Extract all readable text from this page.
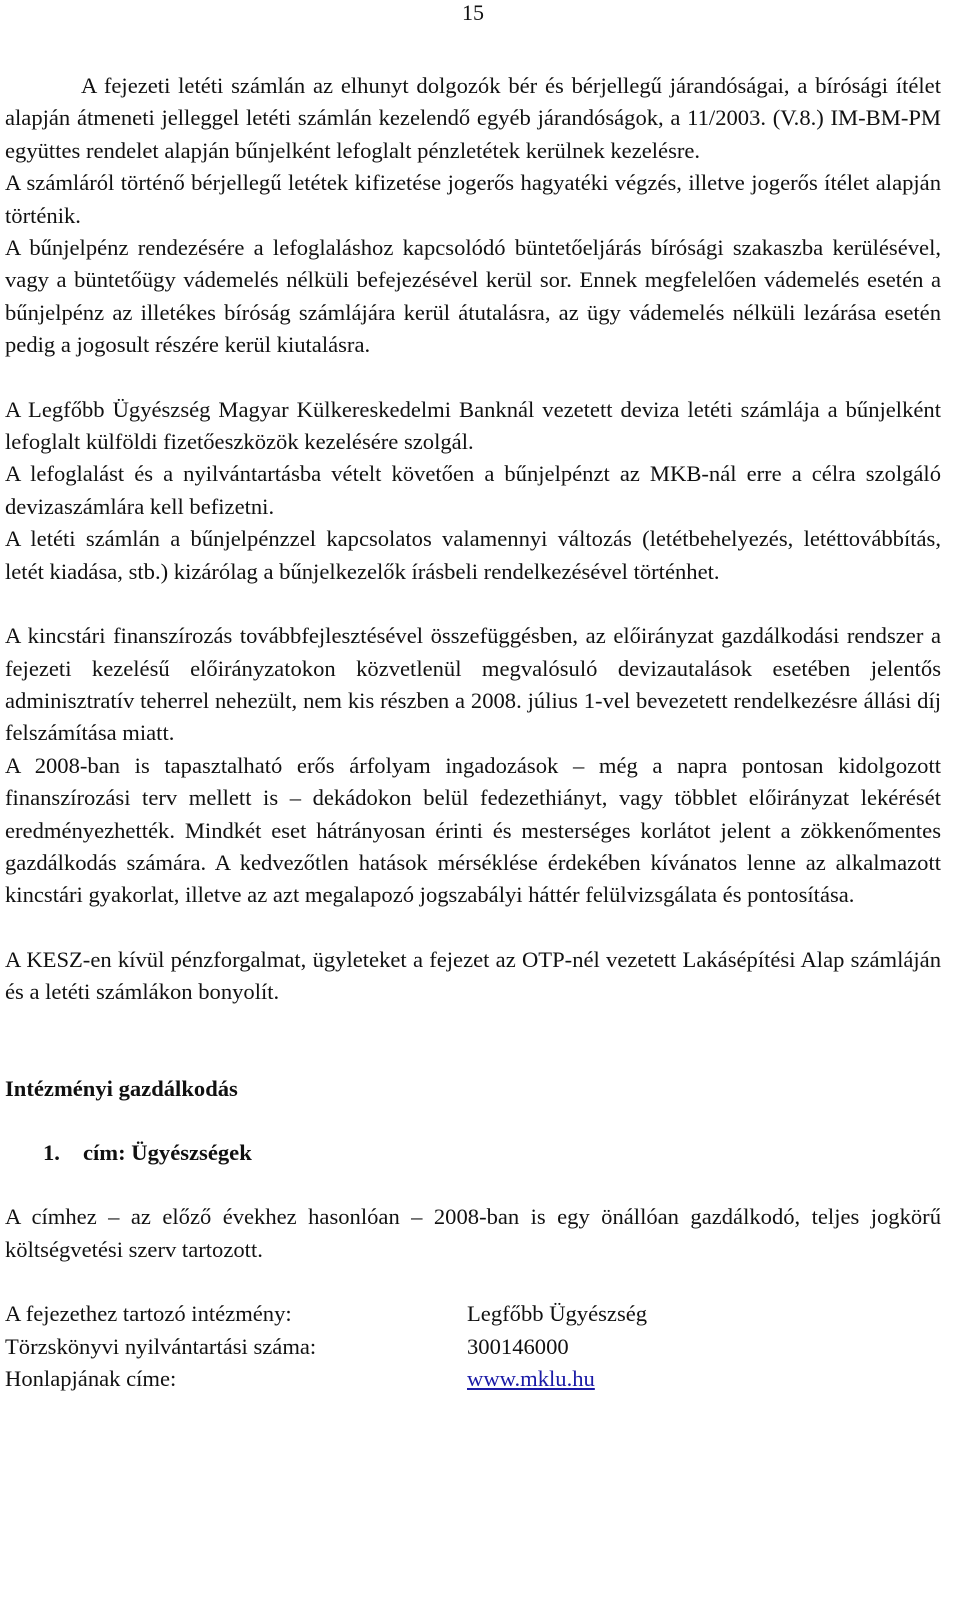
15

A fejezeti letéti számlán az elhunyt dolgozók bér és bérjellegű járandóságai, a bírósági ítélet alapján átmeneti jelleggel letéti számlán kezelendő egyéb járandóságok, a 11/2003. (V.8.) IM-BM-PM együttes rendelet alapján bűnjelként lefoglalt pénzletétek kerülnek kezelésre.

A számláról történő bérjellegű letétek kifizetése jogerős hagyatéki végzés, illetve jogerős ítélet alapján történik.

A bűnjelpénz rendezésére a lefoglaláshoz kapcsolódó büntetőeljárás bírósági szakaszba kerülésével, vagy a büntetőügy vádemelés nélküli befejezésével kerül sor. Ennek megfelelően vádemelés esetén a bűnjelpénz az illetékes bíróság számlájára kerül átutalásra, az ügy vádemelés nélküli lezárása esetén pedig a jogosult részére kerül kiutalásra.

A Legfőbb Ügyészség Magyar Külkereskedelmi Banknál vezetett deviza letéti számlája a bűnjelként lefoglalt külföldi fizetőeszközök kezelésére szolgál.

A lefoglalást és a nyilvántartásba vételt követően a bűnjelpénzt az MKB-nál erre a célra szolgáló devizaszámlára kell befizetni.

A letéti számlán a bűnjelpénzzel kapcsolatos valamennyi változás (letétbehelyezés, letéttovábbítás, letét kiadása, stb.) kizárólag a bűnjelkezelők írásbeli rendelkezésével történhet.

A kincstári finanszírozás továbbfejlesztésével összefüggésben, az előirányzat gazdálkodási rendszer a fejezeti kezelésű előirányzatokon közvetlenül megvalósuló devizautalások esetében jelentős adminisztratív teherrel nehezült, nem kis részben a 2008. július 1-vel bevezetett rendelkezésre állási díj felszámítása miatt.

A 2008-ban is tapasztalható erős árfolyam ingadozások – még a napra pontosan kidolgozott finanszírozási terv mellett is – dekádokon belül fedezethiányt, vagy többlet előirányzat lekérését eredményezhették. Mindkét eset hátrányosan érinti és mesterséges korlátot jelent a zökkenőmentes gazdálkodás számára. A kedvezőtlen hatások mérséklése érdekében kívánatos lenne az alkalmazott kincstári gyakorlat, illetve az azt megalapozó jogszabályi háttér felülvizsgálata és pontosítása.

A KESZ-en kívül pénzforgalmat, ügyleteket a fejezet az OTP-nél vezetett Lakásépítési Alap számláján és a letéti számlákon bonyolít.

Intézményi gazdálkodás

1. cím: Ügyészségek

A címhez – az előző évekhez hasonlóan – 2008-ban is egy önállóan gazdálkodó, teljes jogkörű költségvetési szerv tartozott.

A fejezethez tartozó intézmény:	Legfőbb Ügyészség
Törzskönyvi nyilvántartási száma:	300146000
Honlapjának címe:	www.mklu.hu
